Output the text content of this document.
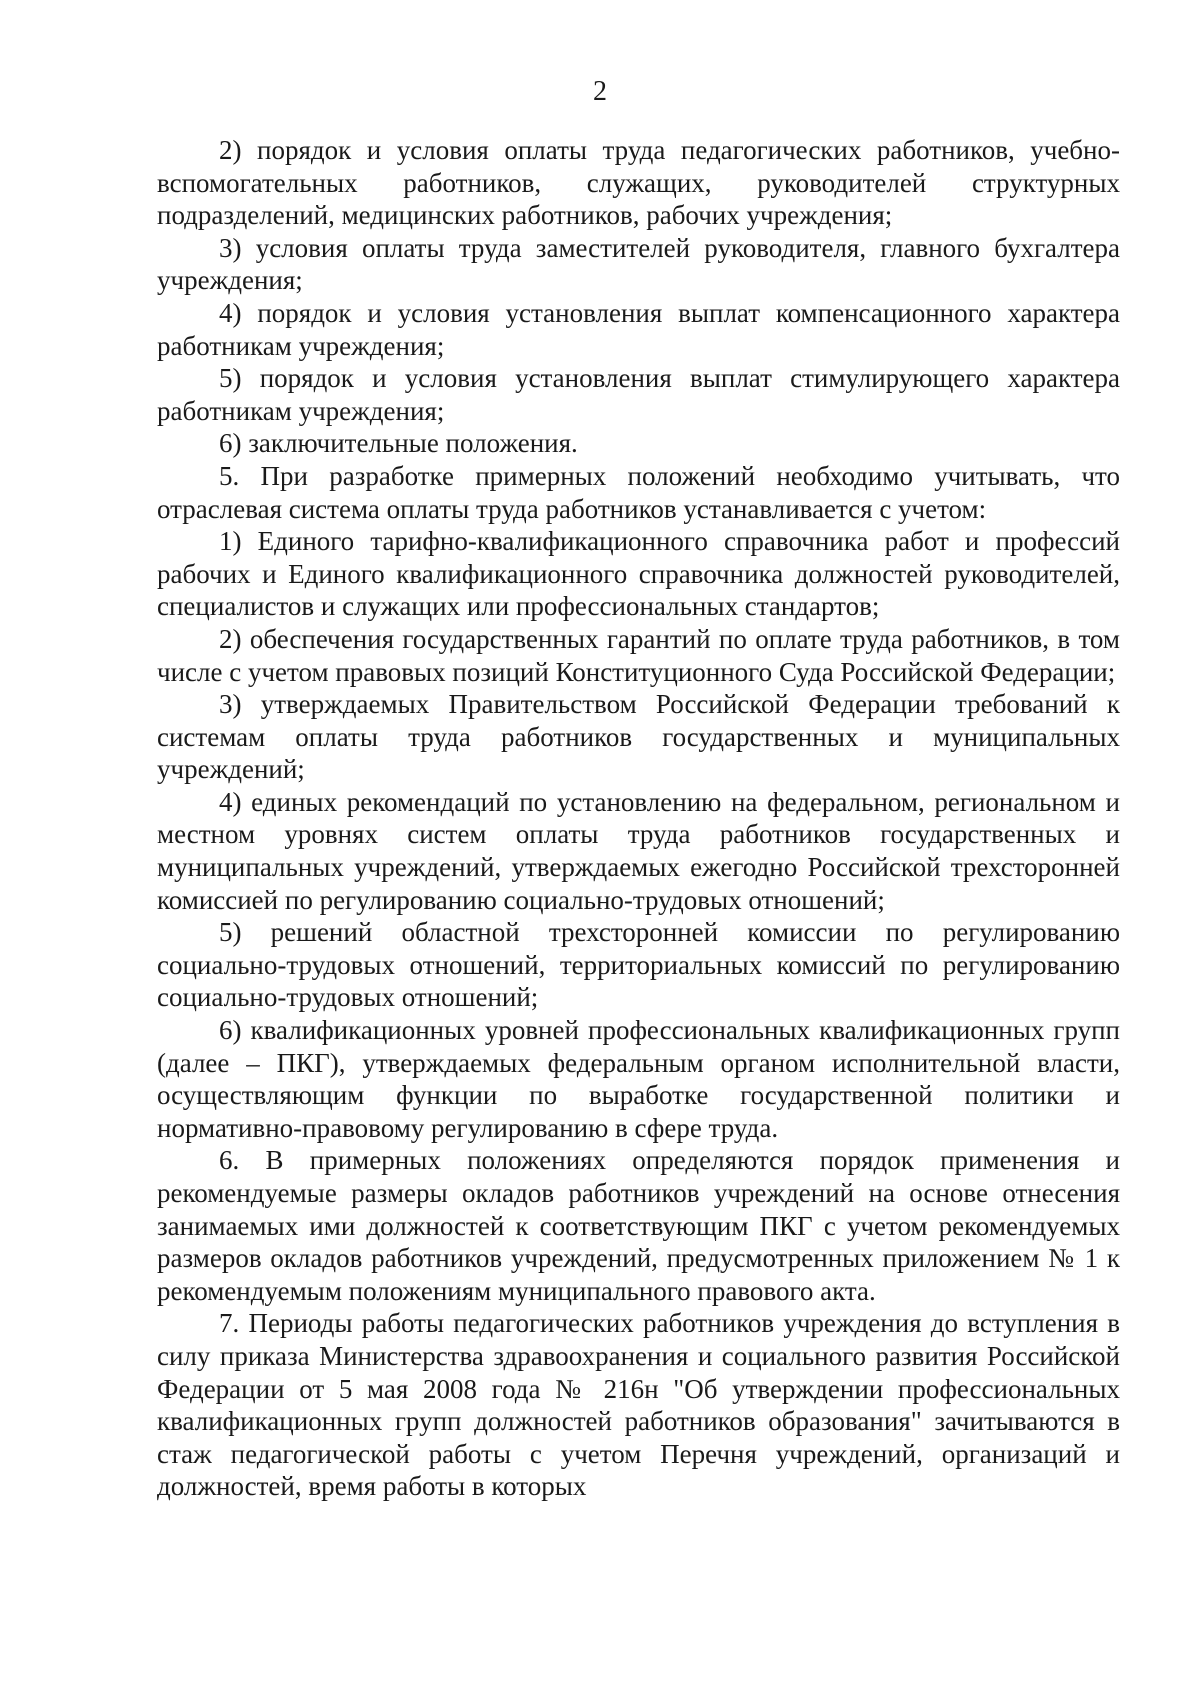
2

2) порядок и условия оплаты труда педагогических работников, учебно-вспомогательных работников, служащих, руководителей структурных подразделений, медицинских работников, рабочих учреждения;

3) условия оплаты труда заместителей руководителя, главного бухгалтера учреждения;

4) порядок и условия установления выплат компенсационного характера работникам учреждения;

5) порядок и условия установления выплат стимулирующего характера работникам учреждения;

6) заключительные положения.

5. При разработке примерных положений необходимо учитывать, что отраслевая система оплаты труда работников устанавливается с учетом:

1) Единого тарифно-квалификационного справочника работ и профессий рабочих и Единого квалификационного справочника должностей руководителей, специалистов и служащих или профессиональных стандартов;

2) обеспечения государственных гарантий по оплате труда работников, в том числе с учетом правовых позиций Конституционного Суда Российской Федерации;

3) утверждаемых Правительством Российской Федерации требований к системам оплаты труда работников государственных и муниципальных учреждений;

4) единых рекомендаций по установлению на федеральном, региональном и местном уровнях систем оплаты труда работников государственных и муниципальных учреждений, утверждаемых ежегодно Российской трехсторонней комиссией по регулированию социально-трудовых отношений;

5) решений областной трехсторонней комиссии по регулированию социально-трудовых отношений, территориальных комиссий по регулированию социально-трудовых отношений;

6) квалификационных уровней профессиональных квалификационных групп (далее – ПКГ), утверждаемых федеральным органом исполнительной власти, осуществляющим функции по выработке государственной политики и нормативно-правовому регулированию в сфере труда.

6. В примерных положениях определяются порядок применения и рекомендуемые размеры окладов работников учреждений на основе отнесения занимаемых ими должностей к соответствующим ПКГ с учетом рекомендуемых размеров окладов работников учреждений, предусмотренных приложением № 1 к рекомендуемым положениям муниципального правового акта.

7. Периоды работы педагогических работников учреждения до вступления в силу приказа Министерства здравоохранения и социального развития Российской Федерации от 5 мая 2008 года № 216н "Об утверждении профессиональных квалификационных групп должностей работников образования" зачитываются в стаж педагогической работы с учетом Перечня учреждений, организаций и должностей, время работы в которых
